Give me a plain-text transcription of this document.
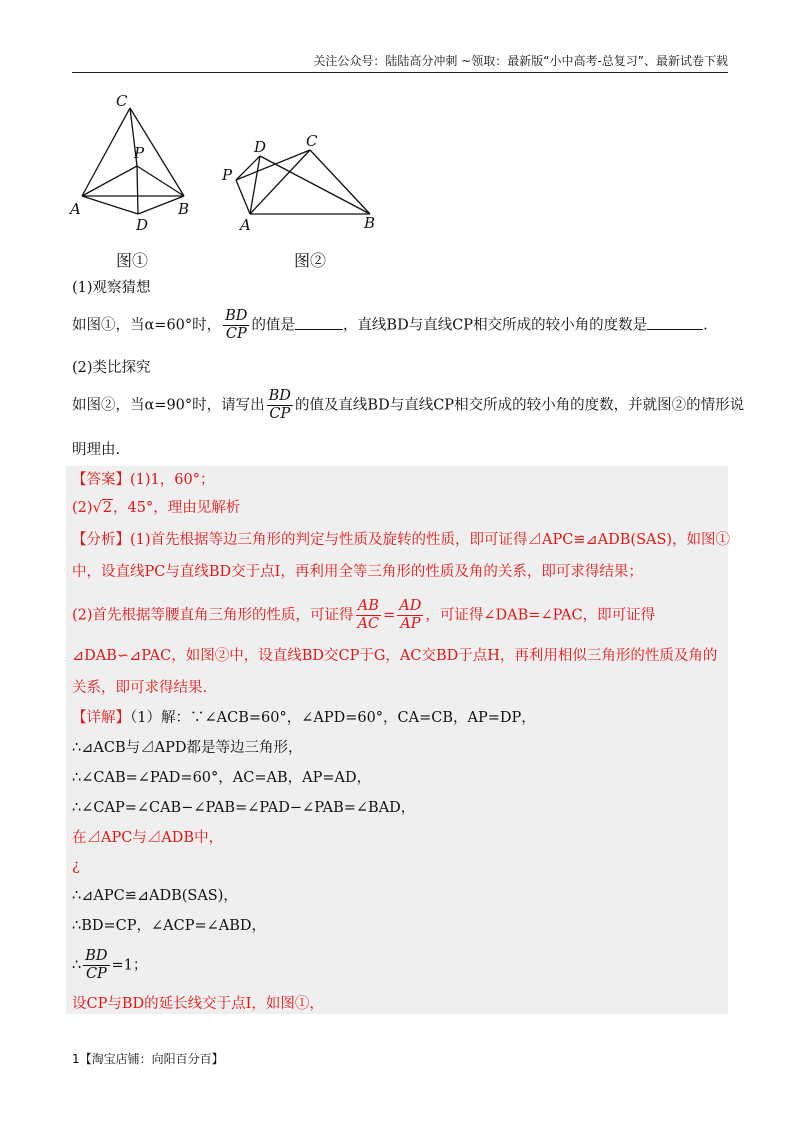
关注公众号：陆陆高分冲刺 ~领取：最新版“小中高考-总复习”、最新试卷下载
C
P
A	B
D
D	C
P
A	B
图①	图②
(1)观察猜想
如图①，当α=60°时， $\frac{BD}{CP}$ 的值是	，直线BD与直线CP相交所成的较小角的度数是	.
(2)类比探究
如图②，当α=90°时，请写出 $\frac{BD}{CP}$ 的值及直线BD与直线CP相交所成的较小角的度数，并就图②的情形说
明理由.
【答案】(1)1，60°；
(2)√2，45°，理由见解析
【分析】(1)首先根据等边三角形的判定与性质及旋转的性质，即可证得⊿APC≌⊿ADB(SAS)，如图①
中，设直线PC与直线BD交于点I，再利用全等三角形的性质及角的关系，即可求得结果；
(2)首先根据等腰直角三角形的性质，可证得 $\frac{AB}{AC} = \frac{AD}{AP}$ ，可证得∠DAB=∠PAC，即可证得
⊿DAB∽⊿PAC，如图②中，设直线BD交CP于G，AC交BD于点H，再利用相似三角形的性质及角的
关系，即可求得结果.
【详解】（1）解：∵∠ACB=60°，∠APD=60°，CA=CB，AP=DP，
∴⊿ACB与⊿APD都是等边三角形，
∴∠CAB=∠PAD=60°，AC=AB，AP=AD，
∴∠CAP=∠CAB−∠PAB=∠PAD−∠PAB=∠BAD，
在⊿APC与⊿ADB中，
¿
∴⊿APC≌⊿ADB(SAS)，
∴BD=CP，∠ACP=∠ABD，
∴ $\frac{BD}{CP} =1$；
设CP与BD的延长线交于点I，如图①，
1【淘宝店铺：向阳百分百】
